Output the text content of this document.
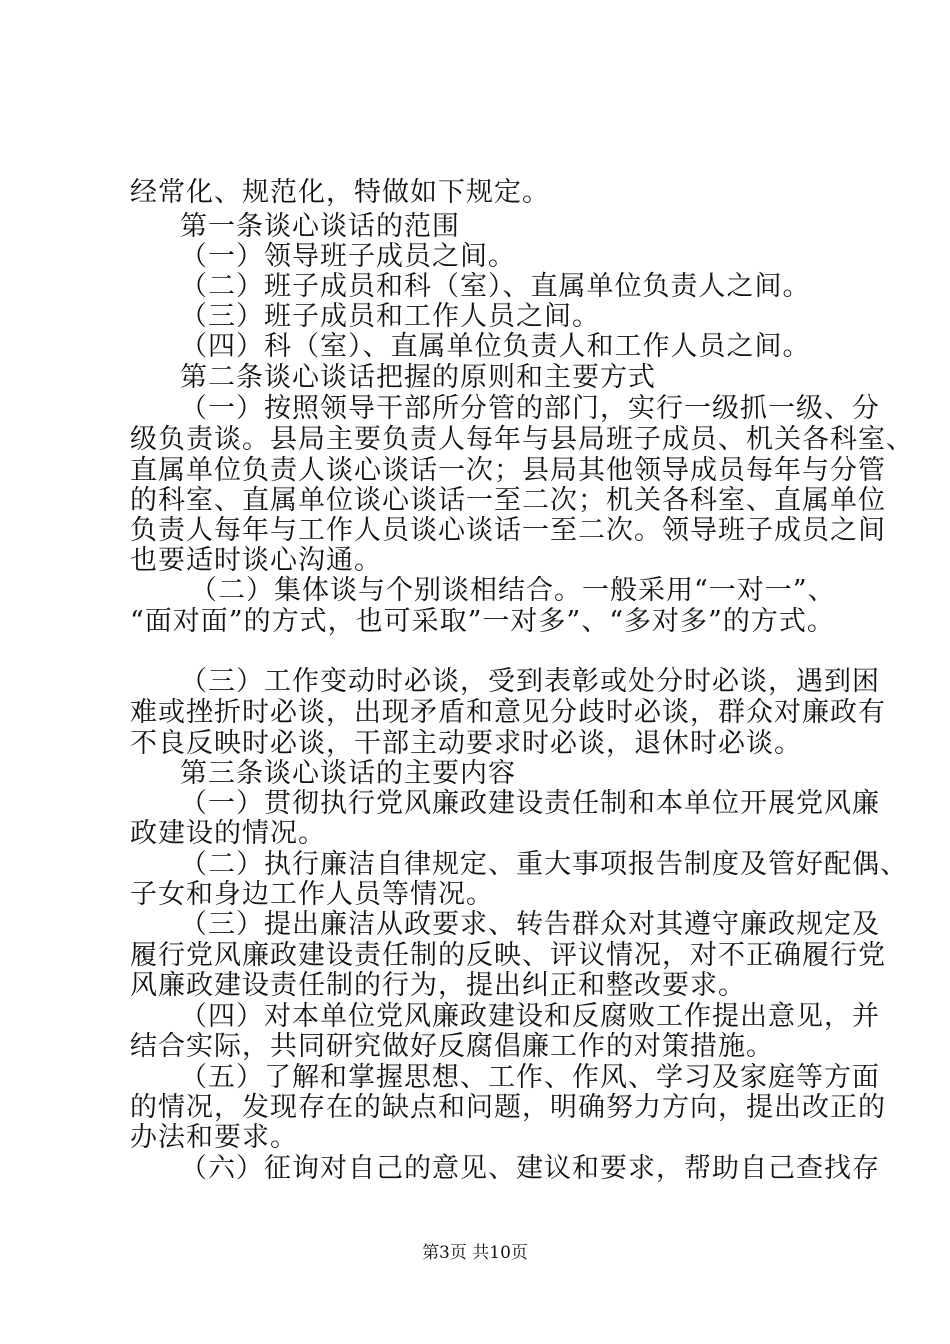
经常化、规范化，特做如下规定。
第一条谈心谈话的范围
（一）领导班子成员之间。
（二）班子成员和科（室）、直属单位负责人之间。
（三）班子成员和工作人员之间。
（四）科（室）、直属单位负责人和工作人员之间。
第二条谈心谈话把握的原则和主要方式
（一）按照领导干部所分管的部门，实行一级抓一级、分
级负责谈。县局主要负责人每年与县局班子成员、机关各科室、
直属单位负责人谈心谈话一次；县局其他领导成员每年与分管
的科室、直属单位谈心谈话一至二次；机关各科室、直属单位
负责人每年与工作人员谈心谈话一至二次。领导班子成员之间
也要适时谈心沟通。
（二）集体谈与个别谈相结合。一般采用“一对一”、
“面对面”的方式，也可采取”一对多”、“多对多”的方式。
（三）工作变动时必谈，受到表彰或处分时必谈，遇到困
难或挫折时必谈，出现矛盾和意见分歧时必谈，群众对廉政有
不良反映时必谈，干部主动要求时必谈，退休时必谈。
第三条谈心谈话的主要内容
（一）贯彻执行党风廉政建设责任制和本单位开展党风廉
政建设的情况。
（二）执行廉洁自律规定、重大事项报告制度及管好配偶、
子女和身边工作人员等情况。
（三）提出廉洁从政要求、转告群众对其遵守廉政规定及
履行党风廉政建设责任制的反映、评议情况，对不正确履行党
风廉政建设责任制的行为，提出纠正和整改要求。
（四）对本单位党风廉政建设和反腐败工作提出意见，并
结合实际，共同研究做好反腐倡廉工作的对策措施。
（五）了解和掌握思想、工作、作风、学习及家庭等方面
的情况，发现存在的缺点和问题，明确努力方向，提出改正的
办法和要求。
（六）征询对自己的意见、建议和要求，帮助自己查找存
第3页 共10页
